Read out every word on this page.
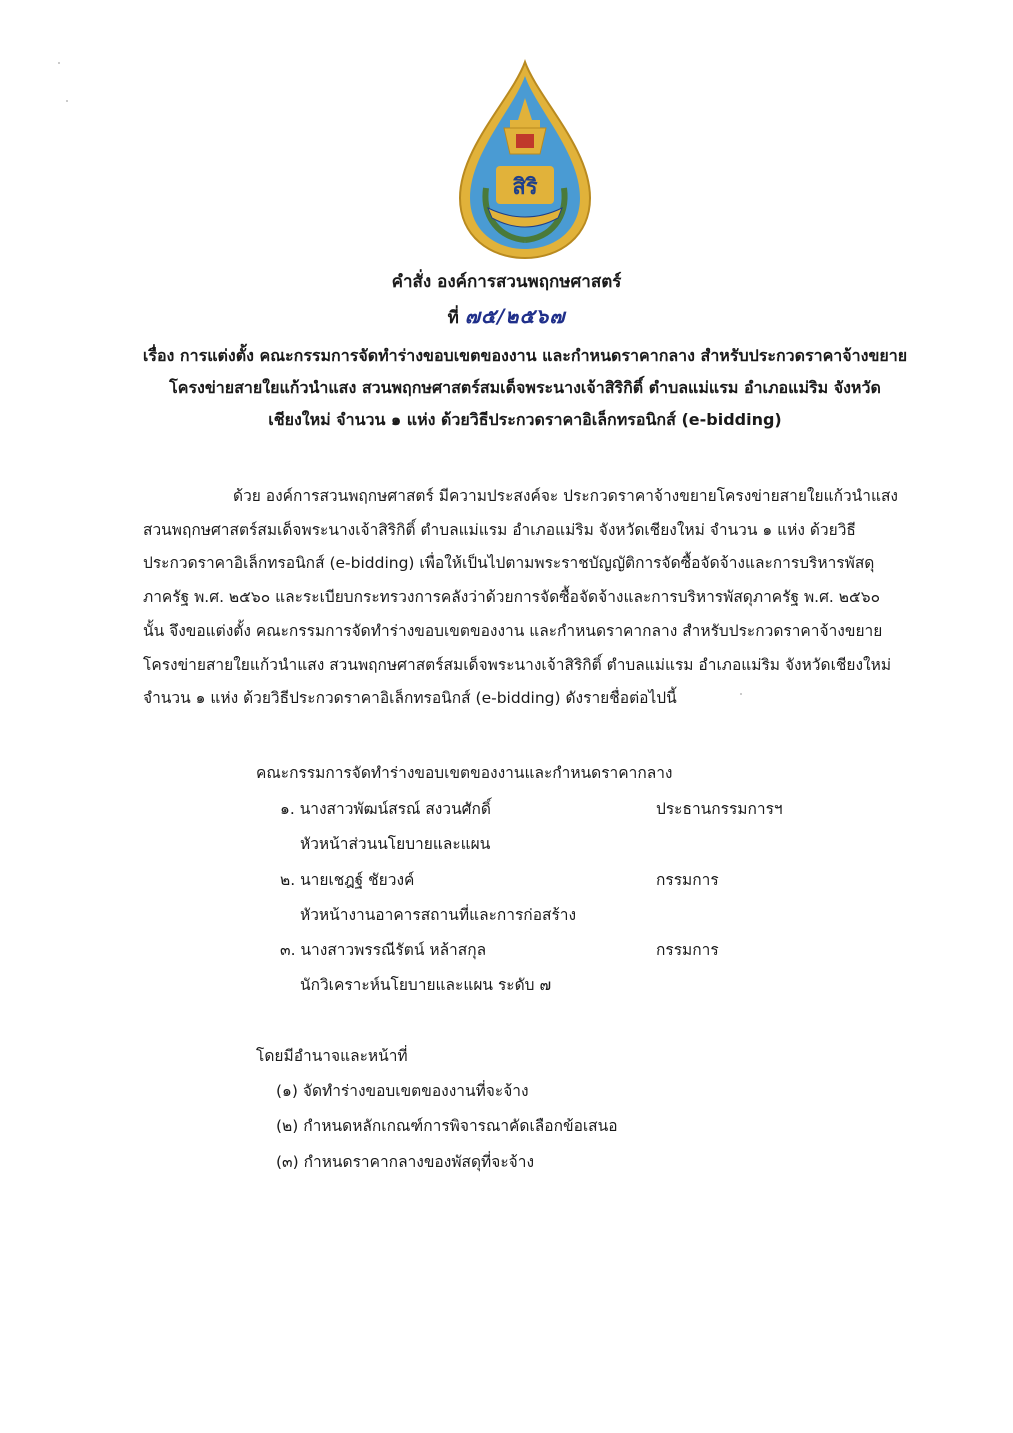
สิริ
คำสั่ง องค์การสวนพฤกษศาสตร์
ที่ ๗๕/๒๕๖๗
เรื่อง การแต่งตั้ง คณะกรรมการจัดทำร่างขอบเขตของงาน และกำหนดราคากลาง สำหรับประกวดราคาจ้างขยาย
โครงข่ายสายใยแก้วนำแสง สวนพฤกษศาสตร์สมเด็จพระนางเจ้าสิริกิติ์ ตำบลแม่แรม อำเภอแม่ริม จังหวัด
เชียงใหม่ จำนวน ๑ แห่ง ด้วยวิธีประกวดราคาอิเล็กทรอนิกส์ (e-bidding)
ด้วย องค์การสวนพฤกษศาสตร์ มีความประสงค์จะ ประกวดราคาจ้างขยายโครงข่ายสายใยแก้วนำแสง
สวนพฤกษศาสตร์สมเด็จพระนางเจ้าสิริกิติ์ ตำบลแม่แรม อำเภอแม่ริม จังหวัดเชียงใหม่ จำนวน ๑ แห่ง ด้วยวิธี
ประกวดราคาอิเล็กทรอนิกส์ (e-bidding) เพื่อให้เป็นไปตามพระราชบัญญัติการจัดซื้อจัดจ้างและการบริหารพัสดุ
ภาครัฐ พ.ศ. ๒๕๖๐ และระเบียบกระทรวงการคลังว่าด้วยการจัดซื้อจัดจ้างและการบริหารพัสดุภาครัฐ พ.ศ. ๒๕๖๐
นั้น จึงขอแต่งตั้ง คณะกรรมการจัดทำร่างขอบเขตของงาน และกำหนดราคากลาง สำหรับประกวดราคาจ้างขยาย
โครงข่ายสายใยแก้วนำแสง สวนพฤกษศาสตร์สมเด็จพระนางเจ้าสิริกิติ์ ตำบลแม่แรม อำเภอแม่ริม จังหวัดเชียงใหม่
จำนวน ๑ แห่ง ด้วยวิธีประกวดราคาอิเล็กทรอนิกส์ (e-bidding) ดังรายชื่อต่อไปนี้
คณะกรรมการจัดทำร่างขอบเขตของงานและกำหนดราคากลาง
๑. นางสาวพัฒน์สรณ์ สงวนศักดิ์	ประธานกรรมการฯ
หัวหน้าส่วนนโยบายและแผน
๒. นายเชฎฐ์ ชัยวงค์	กรรมการ
หัวหน้างานอาคารสถานที่และการก่อสร้าง
๓. นางสาวพรรณีรัตน์ หล้าสกุล	กรรมการ
นักวิเคราะห์นโยบายและแผน ระดับ ๗
โดยมีอำนาจและหน้าที่
(๑) จัดทำร่างขอบเขตของงานที่จะจ้าง
(๒) กำหนดหลักเกณฑ์การพิจารณาคัดเลือกข้อเสนอ
(๓) กำหนดราคากลางของพัสดุที่จะจ้าง
